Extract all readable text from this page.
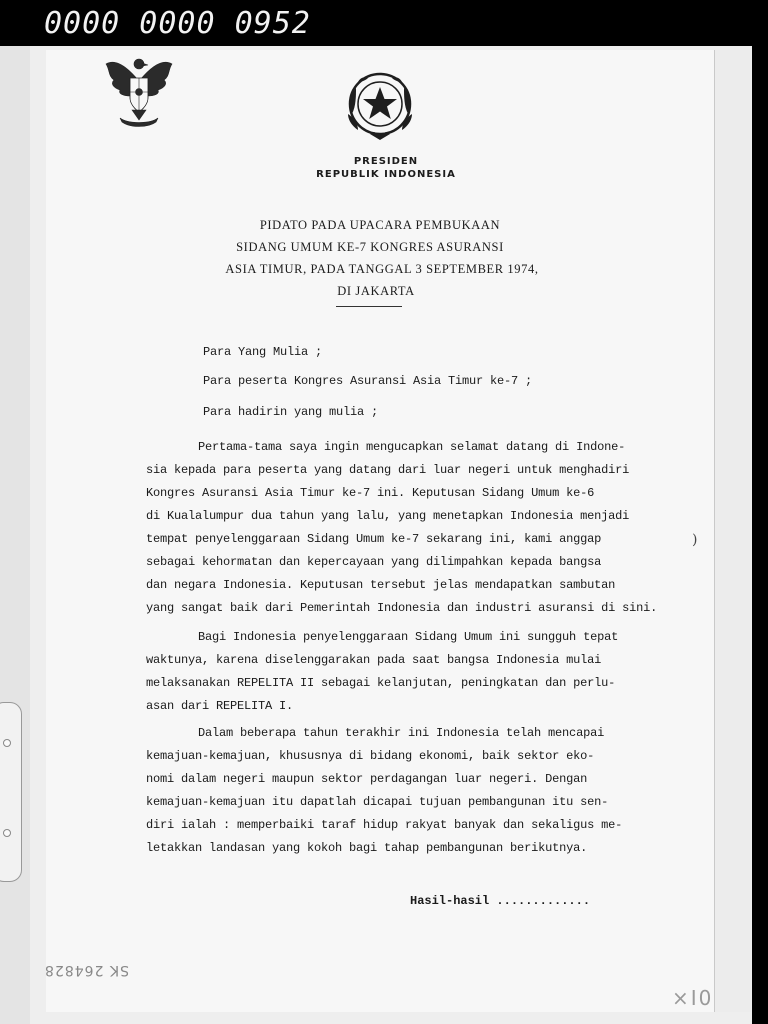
0000 0000 0952
PRESIDEN
REPUBLIK INDONESIA
PIDATO PADA UPACARA PEMBUKAAN
SIDANG UMUM KE-7 KONGRES ASURANSI
ASIA TIMUR, PADA TANGGAL 3 SEPTEMBER 1974,
DI JAKARTA
Para Yang Mulia ;
Para peserta Kongres Asuransi Asia Timur ke-7 ;
Para hadirin yang mulia ;
Pertama-tama saya ingin mengucapkan selamat datang di Indone-
sia kepada para peserta yang datang dari luar negeri untuk menghadiri
Kongres Asuransi Asia Timur ke-7 ini. Keputusan Sidang Umum ke-6
di Kualalumpur dua tahun yang lalu, yang menetapkan Indonesia menjadi
tempat penyelenggaraan Sidang Umum ke-7 sekarang ini, kami anggap
sebagai kehormatan dan kepercayaan yang dilimpahkan kepada bangsa
dan negara Indonesia. Keputusan tersebut jelas mendapatkan sambutan
yang sangat baik dari Pemerintah Indonesia dan industri asuransi di sini.
Bagi Indonesia penyelenggaraan Sidang Umum ini sungguh tepat
waktunya, karena diselenggarakan pada saat bangsa Indonesia mulai
melaksanakan REPELITA II sebagai kelanjutan, peningkatan dan perlu-
asan dari REPELITA I.
Dalam beberapa tahun terakhir ini Indonesia telah mencapai
kemajuan-kemajuan, khususnya di bidang ekonomi, baik sektor eko-
nomi dalam negeri maupun sektor perdagangan luar negeri. Dengan
kemajuan-kemajuan itu dapatlah dicapai tujuan pembangunan itu sen-
diri ialah : memperbaiki taraf hidup rakyat banyak dan sekaligus me-
letakkan landasan yang kokoh bagi tahap pembangunan berikutnya.
Hasil-hasil .............
)
SK 264828
×I0
